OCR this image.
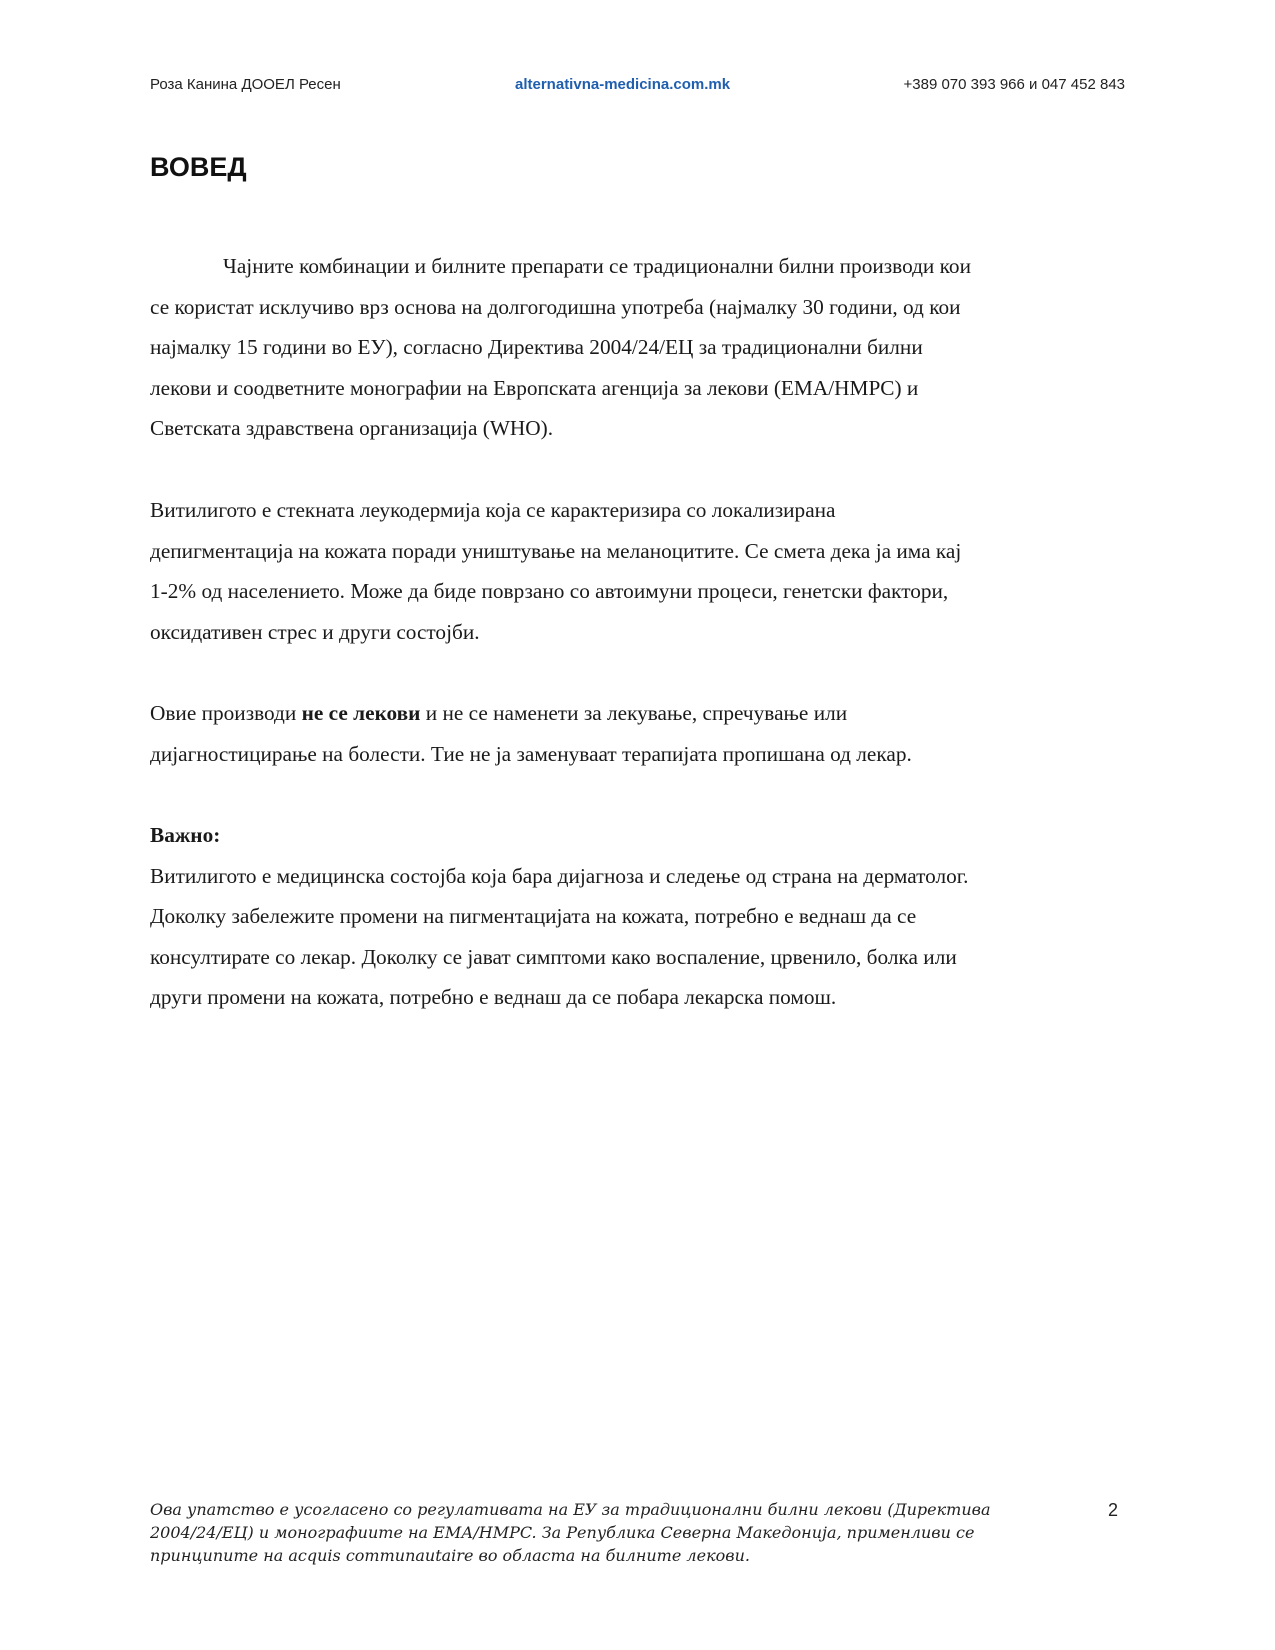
Роза Канина ДООЕЛ Ресен	alternativna-medicina.com.mk	+389 070 393 966 и 047 452 843
ВОВЕД

Чајните комбинации и билните препарати се традиционални билни производи кои

се користат исклучиво врз основа на долгогодишна употреба (најмалку 30 години, од кои

најмалку 15 години во ЕУ), согласно Директива 2004/24/ЕЦ за традиционални билни

лекови и соодветните монографии на Европската агенција за лекови (ЕМА/HMPC) и

Светската здравствена организација (WHO).

Витилигото е стекната леукодермија која се карактеризира со локализирана

депигментација на кожата поради уништување на меланоцитите. Се смета дека ја има кај

1-2% од населението. Може да биде поврзано со автоимуни процеси, генетски фактори,

оксидативен стрес и други состојби.

Овие производи не се лекови и не се наменети за лекување, спречување или

дијагностицирање на болести. Тие не ја заменуваат терапијата пропишана од лекар.

Важно:

Витилигото е медицинска состојба која бара дијагноза и следење од страна на дерматолог.

Доколку забележите промени на пигментацијата на кожата, потребно е веднаш да се

консултирате со лекар. Доколку се јават симптоми како воспаление, црвенило, болка или

други промени на кожата, потребно е веднаш да се побара лекарска помош.

Ова упатство е усогласено со регулативата на ЕУ за традиционални билни лекови (Директива

2004/24/ЕЦ) и монографиите на ЕМА/HMPC. За Република Северна Македонија, применливи се

принципите на acquis communautaire во областа на билните лекови.

2
